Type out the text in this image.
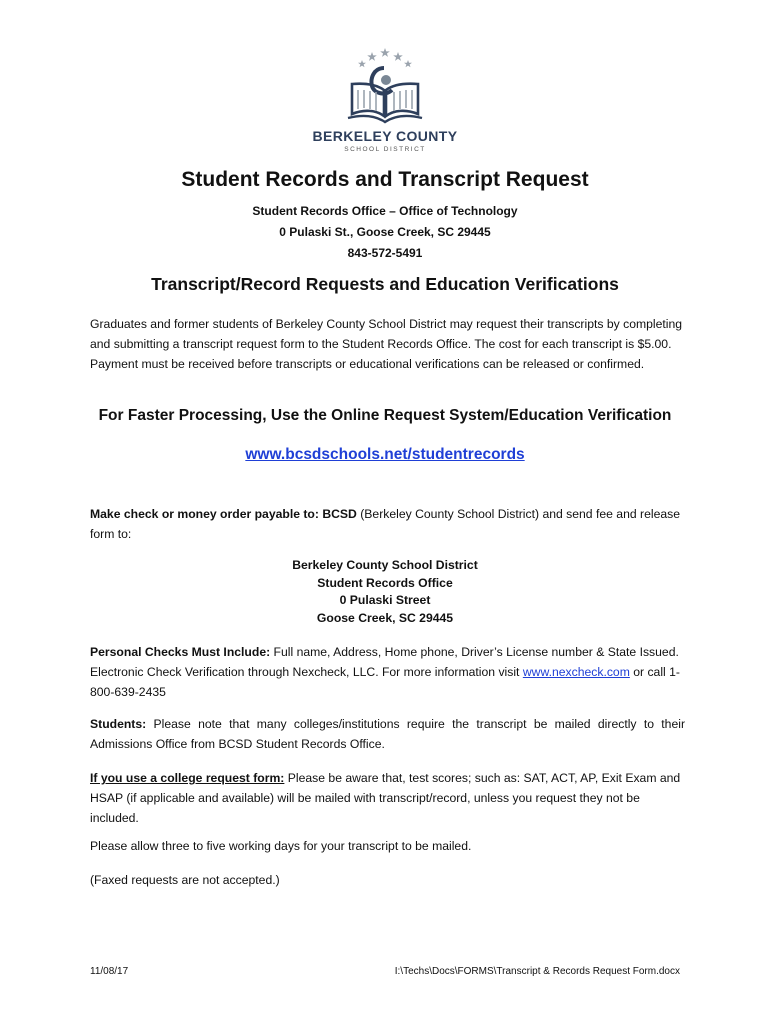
BERKELEY COUNTY
SCHOOL DISTRICT
Student Records and Transcript Request
Student Records Office – Office of Technology
0 Pulaski St., Goose Creek, SC 29445
843-572-5491
Transcript/Record Requests and Education Verifications
Graduates and former students of Berkeley County School District may request their transcripts by completing and submitting a transcript request form to the Student Records Office. The cost for each transcript is $5.00. Payment must be received before transcripts or educational verifications can be released or confirmed.
For Faster Processing, Use the Online Request System/Education Verification
www.bcsdschools.net/studentrecords
Make check or money order payable to: BCSD (Berkeley County School District) and send fee and release form to:
Berkeley County School District
Student Records Office
0 Pulaski Street
Goose Creek, SC 29445
Personal Checks Must Include: Full name, Address, Home phone, Driver’s License number & State Issued. Electronic Check Verification through Nexcheck, LLC. For more information visit www.nexcheck.com or call 1-800-639-2435
Students: Please note that many colleges/institutions require the transcript be mailed directly to their Admissions Office from BCSD Student Records Office.
If you use a college request form: Please be aware that, test scores; such as: SAT, ACT, AP, Exit Exam and HSAP (if applicable and available) will be mailed with transcript/record, unless you request they not be included.
Please allow three to five working days for your transcript to be mailed.
(Faxed requests are not accepted.)
11/08/17	I:\Techs\Docs\FORMS\Transcript & Records Request Form.docx
